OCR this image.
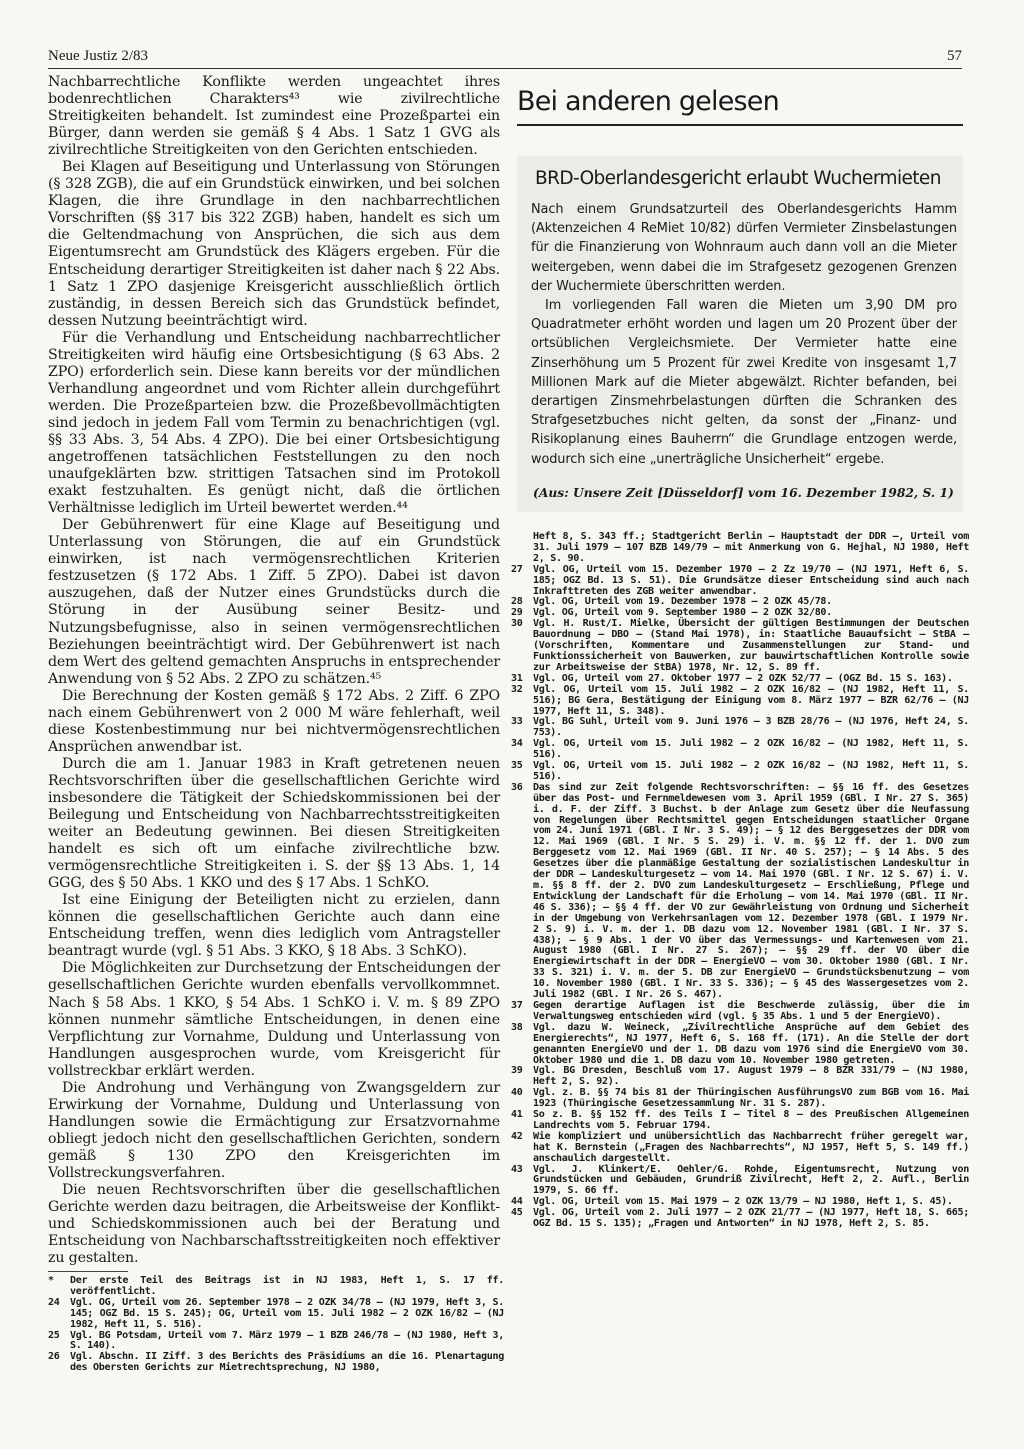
Neue Justiz 2/83	57

Nachbarrechtliche Konflikte werden ungeachtet ihres bodenrechtlichen Charakters⁴³ wie zivilrechtliche Streitigkeiten behandelt. Ist zumindest eine Prozeßpartei ein Bürger, dann werden sie gemäß § 4 Abs. 1 Satz 1 GVG als zivilrechtliche Streitigkeiten von den Gerichten entschieden.

Bei Klagen auf Beseitigung und Unterlassung von Störungen (§ 328 ZGB), die auf ein Grundstück einwirken, und bei solchen Klagen, die ihre Grundlage in den nachbarrechtlichen Vorschriften (§§ 317 bis 322 ZGB) haben, handelt es sich um die Geltendmachung von Ansprüchen, die sich aus dem Eigentumsrecht am Grundstück des Klägers ergeben. Für die Entscheidung derartiger Streitigkeiten ist daher nach § 22 Abs. 1 Satz 1 ZPO dasjenige Kreisgericht ausschließlich örtlich zuständig, in dessen Bereich sich das Grundstück befindet, dessen Nutzung beeinträchtigt wird.

Für die Verhandlung und Entscheidung nachbarrechtlicher Streitigkeiten wird häufig eine Ortsbesichtigung (§ 63 Abs. 2 ZPO) erforderlich sein. Diese kann bereits vor der mündlichen Verhandlung angeordnet und vom Richter allein durchgeführt werden. Die Prozeßparteien bzw. die Prozeßbevollmächtigten sind jedoch in jedem Fall vom Termin zu benachrichtigen (vgl. §§ 33 Abs. 3, 54 Abs. 4 ZPO). Die bei einer Ortsbesichtigung angetroffenen tatsächlichen Feststellungen zu den noch unaufgeklärten bzw. strittigen Tatsachen sind im Protokoll exakt festzuhalten. Es genügt nicht, daß die örtlichen Verhältnisse lediglich im Urteil bewertet werden.⁴⁴

Der Gebührenwert für eine Klage auf Beseitigung und Unterlassung von Störungen, die auf ein Grundstück einwirken, ist nach vermögensrechtlichen Kriterien festzusetzen (§ 172 Abs. 1 Ziff. 5 ZPO). Dabei ist davon auszugehen, daß der Nutzer eines Grundstücks durch die Störung in der Ausübung seiner Besitz- und Nutzungsbefugnisse, also in seinen vermögensrechtlichen Beziehungen beeinträchtigt wird. Der Gebührenwert ist nach dem Wert des geltend gemachten Anspruchs in entsprechender Anwendung von § 52 Abs. 2 ZPO zu schätzen.⁴⁵

Die Berechnung der Kosten gemäß § 172 Abs. 2 Ziff. 6 ZPO nach einem Gebührenwert von 2 000 M wäre fehlerhaft, weil diese Kostenbestimmung nur bei nichtvermögensrechtlichen Ansprüchen anwendbar ist.

Durch die am 1. Januar 1983 in Kraft getretenen neuen Rechtsvorschriften über die gesellschaftlichen Gerichte wird insbesondere die Tätigkeit der Schiedskommissionen bei der Beilegung und Entscheidung von Nachbarrechtsstreitigkeiten weiter an Bedeutung gewinnen. Bei diesen Streitigkeiten handelt es sich oft um einfache zivilrechtliche bzw. vermögensrechtliche Streitigkeiten i. S. der §§ 13 Abs. 1, 14 GGG, des § 50 Abs. 1 KKO und des § 17 Abs. 1 SchKO.

Ist eine Einigung der Beteiligten nicht zu erzielen, dann können die gesellschaftlichen Gerichte auch dann eine Entscheidung treffen, wenn dies lediglich vom Antragsteller beantragt wurde (vgl. § 51 Abs. 3 KKO, § 18 Abs. 3 SchKO).

Die Möglichkeiten zur Durchsetzung der Entscheidungen der gesellschaftlichen Gerichte wurden ebenfalls vervollkommnet. Nach § 58 Abs. 1 KKO, § 54 Abs. 1 SchKO i. V. m. § 89 ZPO können nunmehr sämtliche Entscheidungen, in denen eine Verpflichtung zur Vornahme, Duldung und Unterlassung von Handlungen ausgesprochen wurde, vom Kreisgericht für vollstreckbar erklärt werden.

Die Androhung und Verhängung von Zwangsgeldern zur Erwirkung der Vornahme, Duldung und Unterlassung von Handlungen sowie die Ermächtigung zur Ersatzvornahme obliegt jedoch nicht den gesellschaftlichen Gerichten, sondern gemäß § 130 ZPO den Kreisgerichten im Vollstreckungsverfahren.

Die neuen Rechtsvorschriften über die gesellschaftlichen Gerichte werden dazu beitragen, die Arbeitsweise der Konflikt- und Schiedskommissionen auch bei der Beratung und Entscheidung von Nachbarschaftsstreitigkeiten noch effektiver zu gestalten.

*	Der erste Teil des Beitrags ist in NJ 1983, Heft 1, S. 17 ff. veröffentlicht.
24	Vgl. OG, Urteil vom 26. September 1978 – 2 OZK 34/78 – (NJ 1979, Heft 3, S. 145; OGZ Bd. 15 S. 245); OG, Urteil vom 15. Juli 1982 – 2 OZK 16/82 – (NJ 1982, Heft 11, S. 516).
25	Vgl. BG Potsdam, Urteil vom 7. März 1979 – 1 BZB 246/78 – (NJ 1980, Heft 3, S. 140).
26	Vgl. Abschn. II Ziff. 3 des Berichts des Präsidiums an die 16. Plenartagung des Obersten Gerichts zur Mietrechtsprechung, NJ 1980,
Bei anderen gelesen
BRD-Oberlandesgericht erlaubt Wuchermieten

Nach einem Grundsatzurteil des Oberlandesgerichts Hamm (Aktenzeichen 4 ReMiet 10/82) dürfen Vermieter Zinsbelastungen für die Finanzierung von Wohnraum auch dann voll an die Mieter weitergeben, wenn dabei die im Strafgesetz gezogenen Grenzen der Wuchermiete überschritten werden.

Im vorliegenden Fall waren die Mieten um 3,90 DM pro Quadratmeter erhöht worden und lagen um 20 Prozent über der ortsüblichen Vergleichsmiete. Der Vermieter hatte eine Zinserhöhung um 5 Prozent für zwei Kredite von insgesamt 1,7 Millionen Mark auf die Mieter abgewälzt. Richter befanden, bei derartigen Zinsmehrbelastungen dürften die Schranken des Strafgesetzbuches nicht gelten, da sonst der „Finanz- und Risikoplanung eines Bauherrn“ die Grundlage entzogen werde, wodurch sich eine „unerträgliche Unsicherheit“ ergebe.

(Aus: Unsere Zeit [Düsseldorf] vom 16. Dezember 1982, S. 1)
Heft 8, S. 343 ff.; Stadtgericht Berlin – Hauptstadt der DDR –, Urteil vom 31. Juli 1979 – 107 BZB 149/79 – mit Anmerkung von G. Hejhal, NJ 1980, Heft 2, S. 90.
27	Vgl. OG, Urteil vom 15. Dezember 1970 – 2 Zz 19/70 – (NJ 1971, Heft 6, S. 185; OGZ Bd. 13 S. 51). Die Grundsätze dieser Entscheidung sind auch nach Inkrafttreten des ZGB weiter anwendbar.
28	Vgl. OG, Urteil vom 19. Dezember 1978 – 2 OZK 45/78.
29	Vgl. OG, Urteil vom 9. September 1980 – 2 OZK 32/80.
30	Vgl. H. Rust/I. Mielke, Übersicht der gültigen Bestimmungen der Deutschen Bauordnung – DBO – (Stand Mai 1978), in: Staatliche Bauaufsicht – StBA – (Vorschriften, Kommentare und Zusammenstellungen zur Stand- und Funktionssicherheit von Bauwerken, zur bauwirtschaftlichen Kontrolle sowie zur Arbeitsweise der StBA) 1978, Nr. 12, S. 89 ff.
31	Vgl. OG, Urteil vom 27. Oktober 1977 – 2 OZK 52/77 – (OGZ Bd. 15 S. 163).
32	Vgl. OG, Urteil vom 15. Juli 1982 – 2 OZK 16/82 – (NJ 1982, Heft 11, S. 516); BG Gera, Bestätigung der Einigung vom 8. März 1977 – BZR 62/76 – (NJ 1977, Heft 11, S. 348).
33	Vgl. BG Suhl, Urteil vom 9. Juni 1976 – 3 BZB 28/76 – (NJ 1976, Heft 24, S. 753).
34	Vgl. OG, Urteil vom 15. Juli 1982 – 2 OZK 16/82 – (NJ 1982, Heft 11, S. 516).
35	Vgl. OG, Urteil vom 15. Juli 1982 – 2 OZK 16/82 – (NJ 1982, Heft 11, S. 516).
36	Das sind zur Zeit folgende Rechtsvorschriften: – §§ 16 ff. des Gesetzes über das Post- und Fernmeldewesen vom 3. April 1959 (GBl. I Nr. 27 S. 365) i. d. F. der Ziff. 3 Buchst. b der Anlage zum Gesetz über die Neufassung von Regelungen über Rechtsmittel gegen Entscheidungen staatlicher Organe vom 24. Juni 1971 (GBl. I Nr. 3 S. 49); – § 12 des Berggesetzes der DDR vom 12. Mai 1969 (GBl. I Nr. 5 S. 29) i. V. m. §§ 12 ff. der 1. DVO zum Berggesetz vom 12. Mai 1969 (GBl. II Nr. 40 S. 257); – § 14 Abs. 5 des Gesetzes über die planmäßige Gestaltung der sozialistischen Landeskultur in der DDR – Landeskulturgesetz – vom 14. Mai 1970 (GBl. I Nr. 12 S. 67) i. V. m. §§ 8 ff. der 2. DVO zum Landeskulturgesetz – Erschließung, Pflege und Entwicklung der Landschaft für die Erholung – vom 14. Mai 1970 (GBl. II Nr. 46 S. 336); – §§ 4 ff. der VO zur Gewährleistung von Ordnung und Sicherheit in der Umgebung von Verkehrsanlagen vom 12. Dezember 1978 (GBl. I 1979 Nr. 2 S. 9) i. V. m. der 1. DB dazu vom 12. November 1981 (GBl. I Nr. 37 S. 438); – § 9 Abs. 1 der VO über das Vermessungs- und Kartenwesen vom 21. August 1980 (GBl. I Nr. 27 S. 267); – §§ 29 ff. der VO über die Energiewirtschaft in der DDR – EnergieVO – vom 30. Oktober 1980 (GBl. I Nr. 33 S. 321) i. V. m. der 5. DB zur EnergieVO – Grundstücksbenutzung – vom 10. November 1980 (GBl. I Nr. 33 S. 336); – § 45 des Wassergesetzes vom 2. Juli 1982 (GBl. I Nr. 26 S. 467).
37	Gegen derartige Auflagen ist die Beschwerde zulässig, über die im Verwaltungsweg entschieden wird (vgl. § 35 Abs. 1 und 5 der EnergieVO).
38	Vgl. dazu W. Weineck, „Zivilrechtliche Ansprüche auf dem Gebiet des Energierechts“, NJ 1977, Heft 6, S. 168 ff. (171). An die Stelle der dort genannten EnergieVO und der 1. DB dazu vom 1976 sind die EnergieVO vom 30. Oktober 1980 und die 1. DB dazu vom 10. November 1980 getreten.
39	Vgl. BG Dresden, Beschluß vom 17. August 1979 – 8 BZR 331/79 – (NJ 1980, Heft 2, S. 92).
40	Vgl. z. B. §§ 74 bis 81 der Thüringischen AusführungsVO zum BGB vom 16. Mai 1923 (Thüringische Gesetzessammlung Nr. 31 S. 287).
41	So z. B. §§ 152 ff. des Teils I – Titel 8 – des Preußischen Allgemeinen Landrechts vom 5. Februar 1794.
42	Wie kompliziert und unübersichtlich das Nachbarrecht früher geregelt war, hat K. Bernstein („Fragen des Nachbarrechts“, NJ 1957, Heft 5, S. 149 ff.) anschaulich dargestellt.
43	Vgl. J. Klinkert/E. Oehler/G. Rohde, Eigentumsrecht, Nutzung von Grundstücken und Gebäuden, Grundriß Zivilrecht, Heft 2, 2. Aufl., Berlin 1979, S. 66 ff.
44	Vgl. OG, Urteil vom 15. Mai 1979 – 2 OZK 13/79 – NJ 1980, Heft 1, S. 45).
45	Vgl. OG, Urteil vom 2. Juli 1977 – 2 OZK 21/77 – (NJ 1977, Heft 18, S. 665; OGZ Bd. 15 S. 135); „Fragen und Antworten“ in NJ 1978, Heft 2, S. 85.
